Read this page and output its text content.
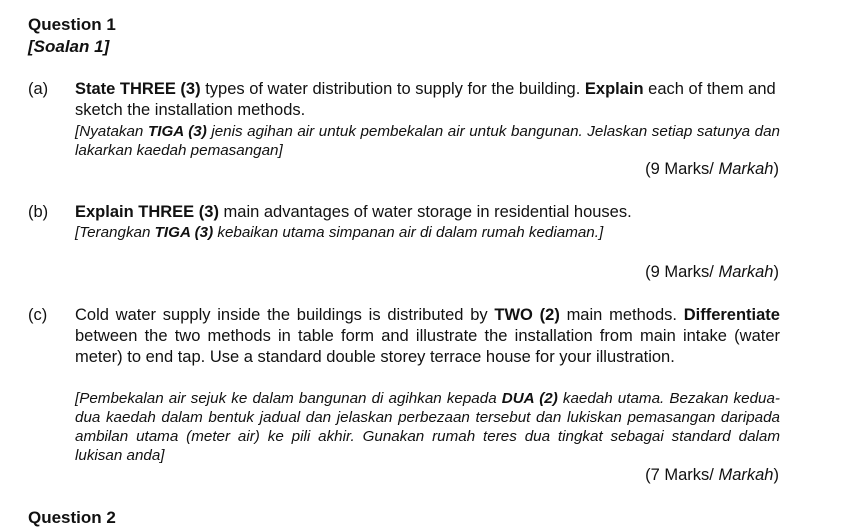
Question 1
[Soalan 1]
(a) State THREE (3) types of water distribution to supply for the building. Explain each of them and sketch the installation methods.
[Nyatakan TIGA (3) jenis agihan air untuk pembekalan air untuk bangunan. Jelaskan setiap satunya dan lakarkan kaedah pemasangan]
(9 Marks/ Markah)
(b) Explain THREE (3) main advantages of water storage in residential houses.
[Terangkan TIGA (3) kebaikan utama simpanan air di dalam rumah kediaman.]
(9 Marks/ Markah)
(c) Cold water supply inside the buildings is distributed by TWO (2) main methods. Differentiate between the two methods in table form and illustrate the installation from main intake (water meter) to end tap. Use a standard double storey terrace house for your illustration.
[Pembekalan air sejuk ke dalam bangunan di agihkan kepada DUA (2) kaedah utama. Bezakan kedua-dua kaedah dalam bentuk jadual dan jelaskan perbezaan tersebut dan lukiskan pemasangan daripada ambilan utama (meter air) ke pili akhir. Gunakan rumah teres dua tingkat sebagai standard dalam lukisan anda]
(7 Marks/ Markah)
Question 2
